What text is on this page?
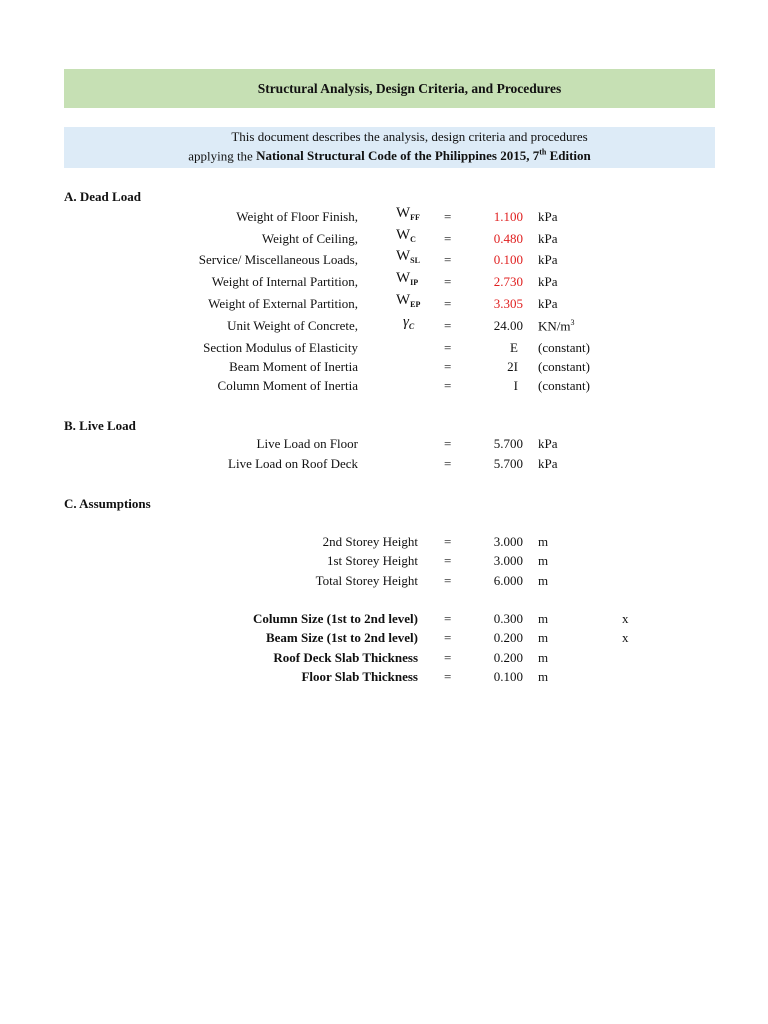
Structural Analysis, Design Criteria, and Procedures
This document describes the analysis, design criteria and procedures
applying the National Structural Code of the Philippines 2015, 7th Edition
A. Dead Load
Weight of Floor Finish,	$W_{FF}$ =	1.100 kPa
Weight of Ceiling,	$W_C$ =	0.480 kPa
Service/ Miscellaneous Loads,	$W_{SL}$ =	0.100 kPa
Weight of Internal Partition,	$W_{IP}$ =	2.730 kPa
Weight of External Partition,	$W_{EP}$ =	3.305 kPa
Unit Weight of Concrete,	$\gamma_C$ =	24.00 $KN/m^3$
Section Modulus of Elasticity	=	E (constant)
Beam Moment of Inertia	=	2I (constant)
Column Moment of Inertia	=	I (constant)
B. Live Load
Live Load on Floor	=	5.700 kPa
Live Load on Roof Deck	=	5.700 kPa
C. Assumptions
2nd Storey Height =	3.000 m
1st Storey Height =	3.000 m
Total Storey Height =	6.000 m
Column Size (1st to 2nd level) =	0.300 m	x
Beam Size (1st to 2nd level) =	0.200 m	x
Roof Deck Slab Thickness =	0.200 m
Floor Slab Thickness =	0.100 m
